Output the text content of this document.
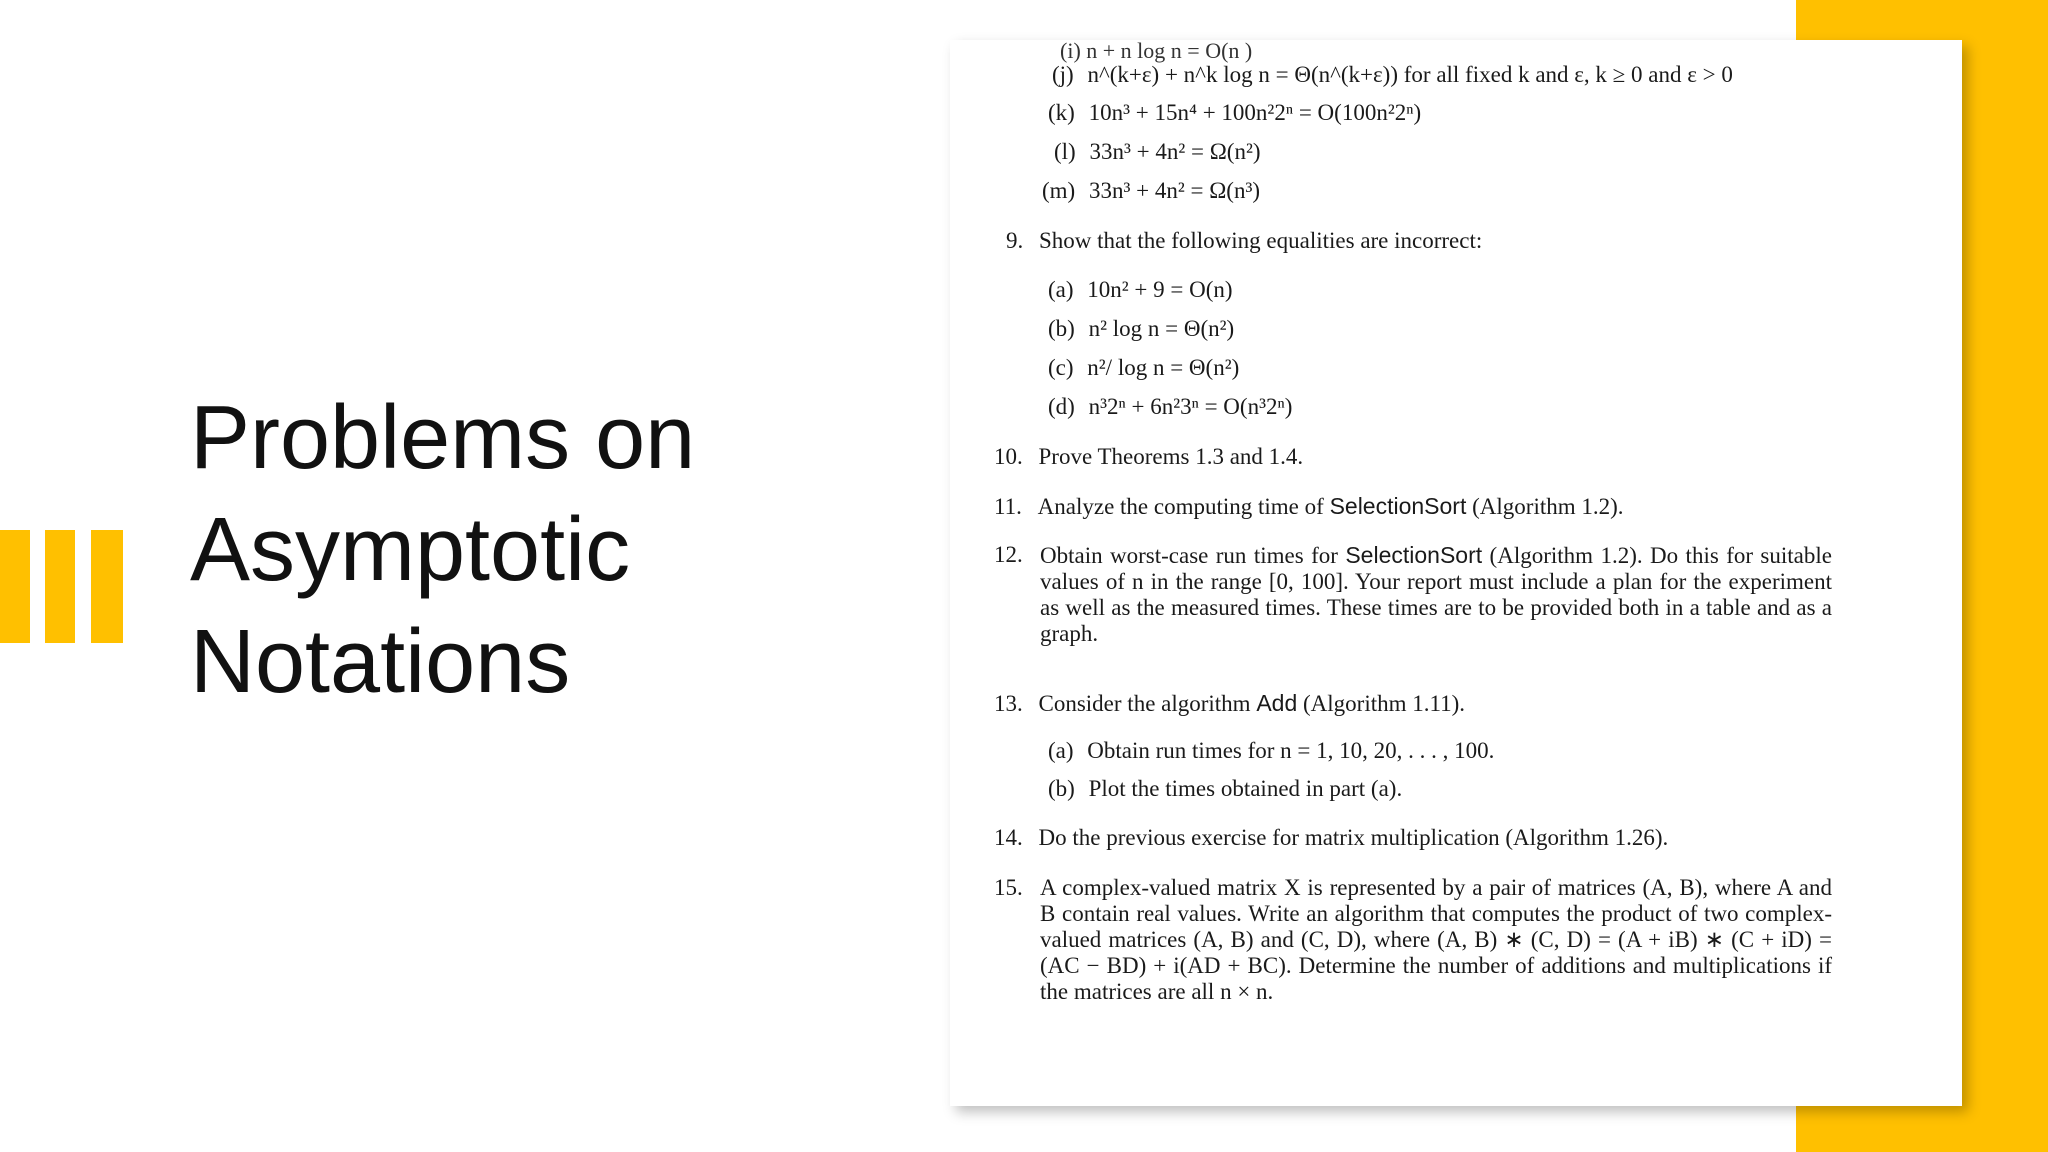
Problems on
Asymptotic
Notations
(i) n + n log n = O(n )
(j) n^(k+ε) + n^k log n = Θ(n^(k+ε)) for all fixed k and ε, k ≥ 0 and ε > 0
(k) 10n³ + 15n⁴ + 100n²2ⁿ = O(100n²2ⁿ)
(l) 33n³ + 4n² = Ω(n²)
(m) 33n³ + 4n² = Ω(n³)
9. Show that the following equalities are incorrect:
(a) 10n² + 9 = O(n)
(b) n² log n = Θ(n²)
(c) n²/ log n = Θ(n²)
(d) n³2ⁿ + 6n²3ⁿ = O(n³2ⁿ)
10. Prove Theorems 1.3 and 1.4.
11. Analyze the computing time of SelectionSort (Algorithm 1.2).
12. Obtain worst-case run times for SelectionSort (Algorithm 1.2). Do this for suitable values of n in the range [0, 100]. Your report must include a plan for the experiment as well as the measured times. These times are to be provided both in a table and as a graph.
13. Consider the algorithm Add (Algorithm 1.11).
(a) Obtain run times for n = 1, 10, 20, . . . , 100.
(b) Plot the times obtained in part (a).
14. Do the previous exercise for matrix multiplication (Algorithm 1.26).
15. A complex-valued matrix X is represented by a pair of matrices (A, B), where A and B contain real values. Write an algorithm that computes the product of two complex-valued matrices (A, B) and (C, D), where (A, B) ∗ (C, D) = (A + iB) ∗ (C + iD) = (AC − BD) + i(AD + BC). Determine the number of additions and multiplications if the matrices are all n × n.
